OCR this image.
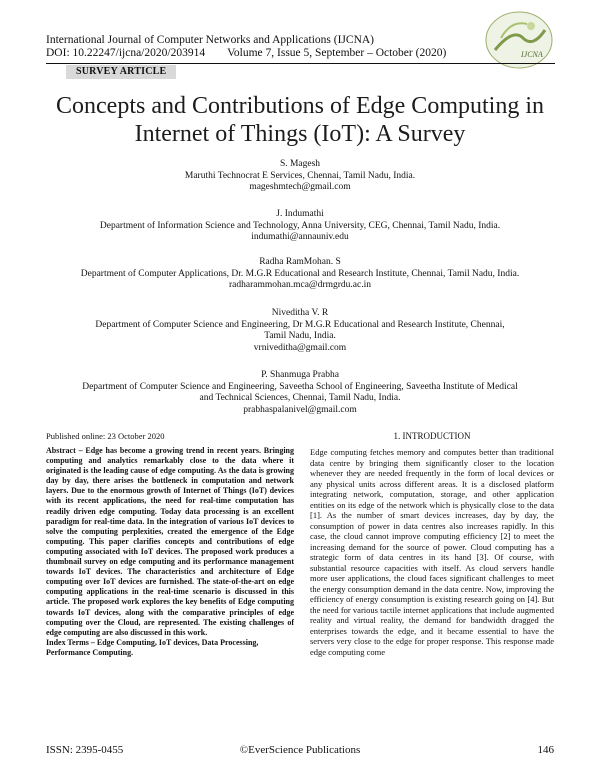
International Journal of Computer Networks and Applications (IJCNA)
DOI: 10.22247/ijcna/2020/203914 Volume 7, Issue 5, September – October (2020)	IJCNA
SURVEY ARTICLE
Concepts and Contributions of Edge Computing in
Internet of Things (IoT): A Survey
S. Magesh
Maruthi Technocrat E Services, Chennai, Tamil Nadu, India.
mageshmtech@gmail.com
J. Indumathi
Department of Information Science and Technology, Anna University, CEG, Chennai, Tamil Nadu, India.
indumathi@annauniv.edu
Radha RamMohan. S
Department of Computer Applications, Dr. M.G.R Educational and Research Institute, Chennai, Tamil Nadu, India.
radharammohan.mca@drmgrdu.ac.in
Niveditha V. R
Department of Computer Science and Engineering, Dr M.G.R Educational and Research Institute, Chennai,
Tamil Nadu, India.
vrniveditha@gmail.com
P. Shanmuga Prabha
Department of Computer Science and Engineering, Saveetha School of Engineering, Saveetha Institute of Medical
and Technical Sciences, Chennai, Tamil Nadu, India.
prabhaspalanivel@gmail.com
Published online: 23 October 2020

Abstract – Edge has become a growing trend in recent years. Bringing computing and analytics remarkably close to the data where it originated is the leading cause of edge computing. As the data is growing day by day, there arises the bottleneck in computation and network layers. Due to the enormous growth of Internet of Things (IoT) devices with its recent applications, the need for real-time computation has readily driven edge computing. Today data processing is an excellent paradigm for real-time data. In the integration of various IoT devices to solve the computing perplexities, created the emergence of the Edge computing. This paper clarifies concepts and contributions of edge computing associated with IoT devices. The proposed work produces a thumbnail survey on edge computing and its performance management towards IoT devices. The characteristics and architecture of Edge computing over IoT devices are furnished. The state-of-the-art on edge computing applications in the real-time scenario is discussed in this article. The proposed work explores the key benefits of Edge computing towards IoT devices, along with the comparative principles of edge computing over the Cloud, are represented. The existing challenges of edge computing are also discussed in this work.

Index Terms – Edge Computing, IoT devices, Data Processing, Performance Computing.
1. INTRODUCTION
Edge computing fetches memory and computes better than traditional data centre by bringing them significantly closer to the location whenever they are needed frequently in the form of local devices or any physical units across different areas. It is a disclosed platform integrating network, computation, storage, and other application entities on its edge of the network which is physically close to the data [1]. As the number of smart devices increases, day by day, the consumption of power in data centres also increases rapidly. In this case, the cloud cannot improve computing efficiency [2] to meet the increasing demand for the source of power. Cloud computing has a strategic form of data centres in its hand [3]. Of course, with substantial resource capacities with itself. As cloud servers handle more user applications, the cloud faces significant challenges to meet the energy consumption demand in the data centre. Now, improving the efficiency of energy consumption is existing research going on [4]. But the need for various tactile internet applications that include augmented reality and virtual reality, the demand for bandwidth dragged the enterprises towards the edge, and it became essential to have the servers very close to the edge for proper response. This response made edge computing come
ISSN: 2395-0455	©EverScience Publications	146
